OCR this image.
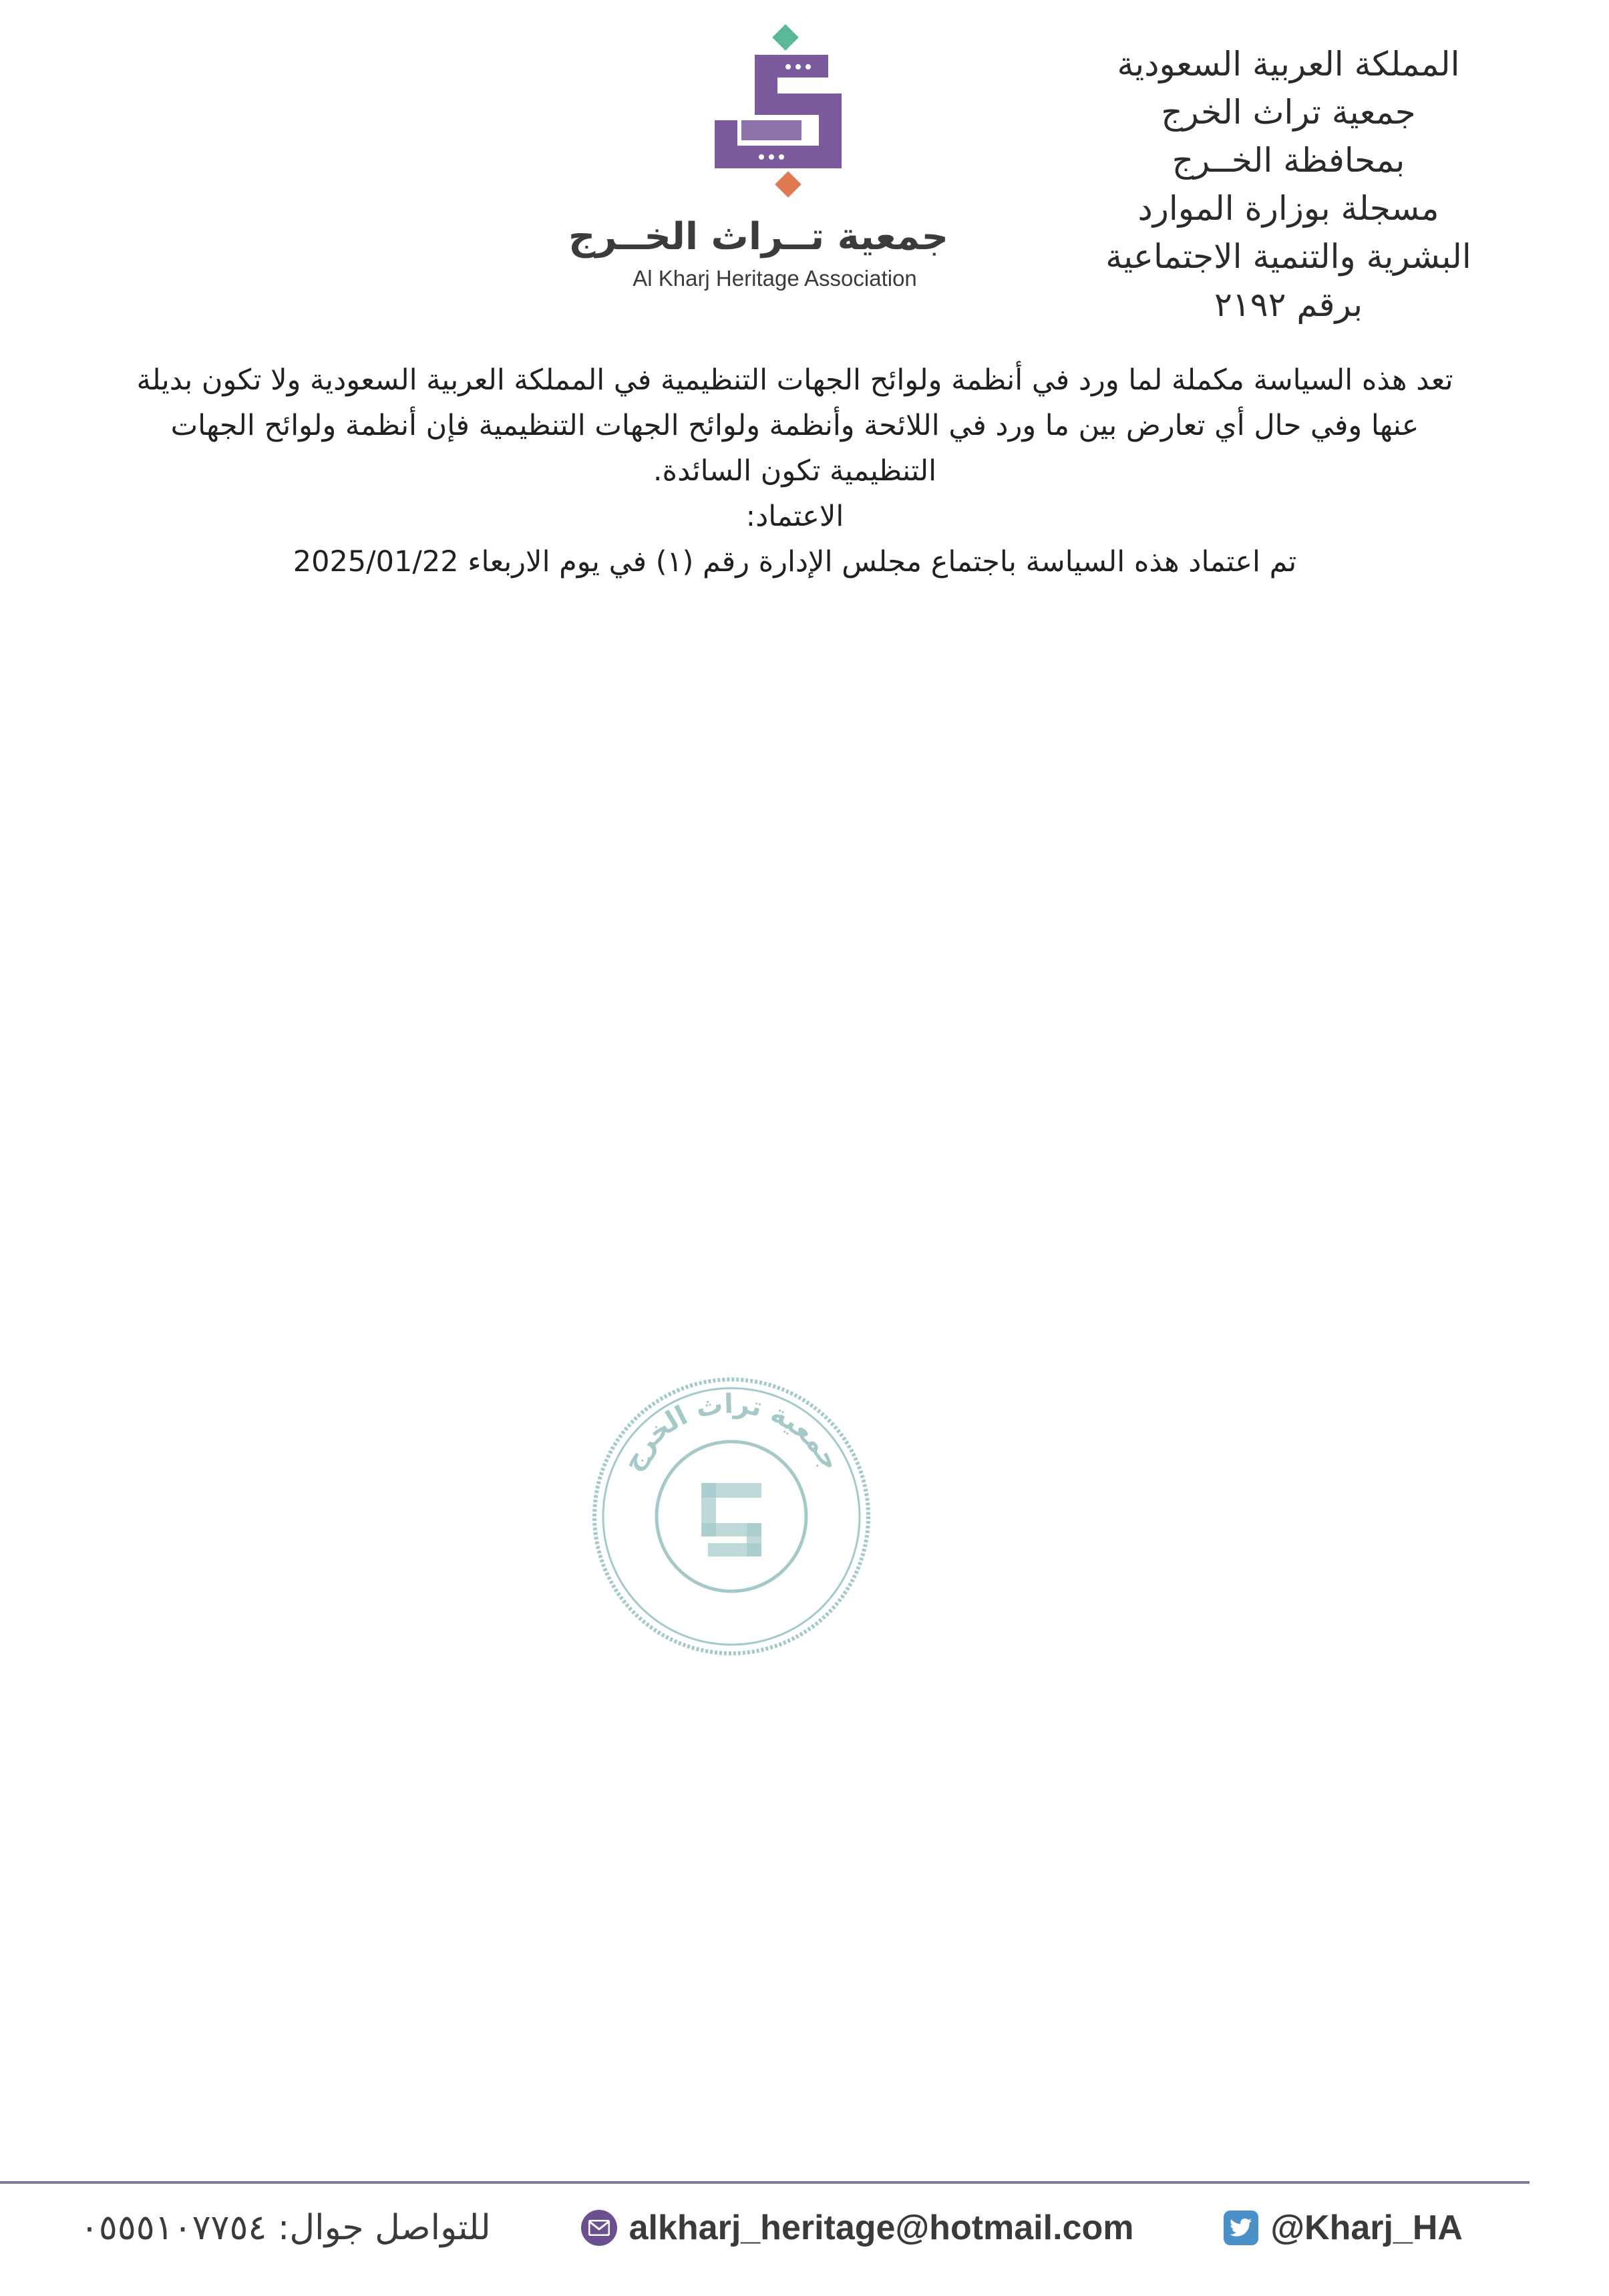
المملكة العربية السعودية
جمعية تراث الخرج
بمحافظة الخــرج
مسجلة بوزارة الموارد
البشرية والتنمية الاجتماعية
برقم ٢١٩٢
جمعية تــراث الخــرج
Al Kharj Heritage Association

تعد هذه السياسة مكملة لما ورد في أنظمة ولوائح الجهات التنظيمية في المملكة العربية السعودية ولا تكون بديلة عنها وفي حال أي تعارض بين ما ورد في اللائحة وأنظمة ولوائح الجهات التنظيمية فإن أنظمة ولوائح الجهات التنظيمية تكون السائدة.

الاعتماد:

تم اعتماد هذه السياسة باجتماع مجلس الإدارة رقم (١) في يوم الاربعاء 2025/01/22

جمعية تراث الخرج
للتواصل جوال: ٠٥٥٥١٠٧٧٥٤	alkharj_heritage@hotmail.com	@Kharj_HA
